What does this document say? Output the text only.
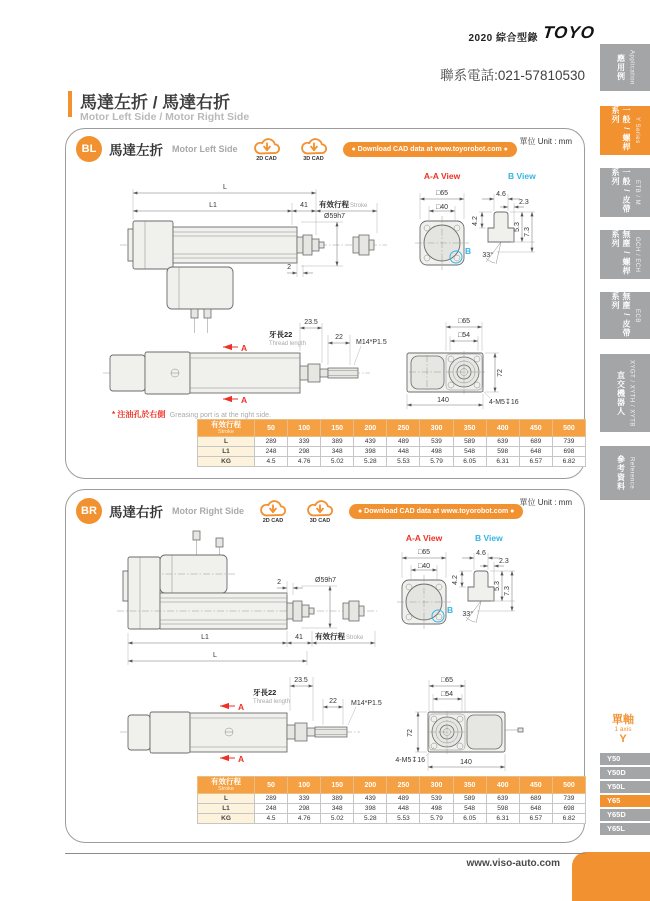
2020 綜合型錄 TOYO
聯系電話:021-57810530
馬達左折 / 馬達右折
Motor Left Side / Motor Right Side
應用例 Application
一般 / 螺桿系列
Y Series
一般 / 皮帶系列
ETB / M
無塵 / 螺桿系列	GCH / ECH
無塵 / 皮帶系列
ECB
直交機器人 XYGT / XYTH / XYTB
參考資料 Reference
單軸
1 axis
Y
Y50
Y50D
Y50L
Y65
Y65D
Y65L
BL 馬達左折 Motor Left Side
2D CAD	3D CAD
● Download CAD data at www.toyorobot.com ●
單位 Unit : mm
L
L1	41 有效行程Stroke
Ø59h7
2
A-A View
□65
□40
B
B View
33°
4.6
2.3
4.2
5.3
7.3
A
A
牙長22
Thread length
23.5
22
M14*P1.5
□65
□54
72
140	4-M5↧16
* 注油孔於右側 Greasing port is at the right side.
有效行程
Stroke	50	100	150	200	250	300	350	400	450	500
L	289	339	389	439	489	539	589	639	689	739
L1	248	298	348	398	448	498	548	598	648	698
KG	4.5	4.76	5.02	5.28	5.53	5.79	6.05	6.31	6.57	6.82
BR 馬達右折 Motor Right Side
2D CAD	3D CAD
● Download CAD data at www.toyorobot.com ●
單位 Unit : mm
2	Ø59h7
L1	41 有效行程Stroke
L
A-A View
□65
□40
B
B View
33°
4.6
2.3
4.2
5.3
7.3
A
A
牙長22
Thread length
23.5
22 M14*P1.5
□65
□54
72
4-M5↧16	140
有效行程
Stroke	50	100	150	200	250	300	350	400	450	500
L	289	339	389	439	489	539	589	639	689	739
L1	248	298	348	398	448	498	548	598	648	698
KG	4.5	4.76	5.02	5.28	5.53	5.79	6.05	6.31	6.57	6.82
www.viso-auto.com
